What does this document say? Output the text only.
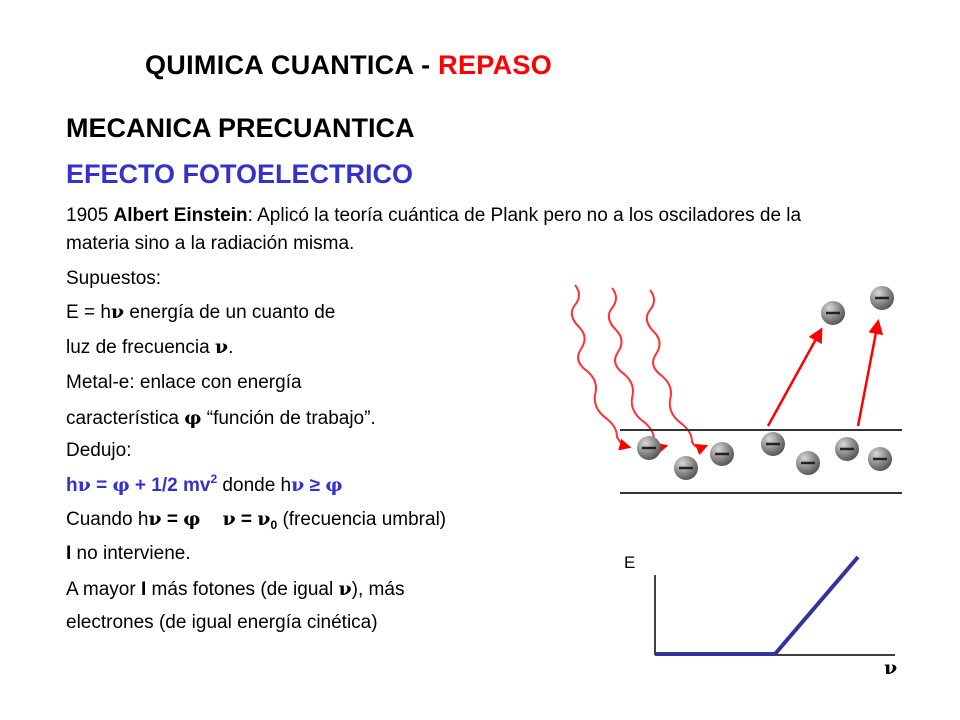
QUIMICA CUANTICA - REPASO
MECANICA PRECUANTICA
EFECTO FOTOELECTRICO
1905 Albert Einstein: Aplicó la teoría cuántica de Plank pero no a los osciladores de la materia sino a la radiación misma.
Supuestos:
E = hν energía de un cuanto de
luz de frecuencia ν.
Metal-e: enlace con energía
característica φ “función de trabajo”.
Dedujo:
hν = φ + 1/2 $mv^2$ donde hν ≥ φ
Cuando hν = φ $\nu = \nu_0$ (frecuencia umbral)
I no interviene.
A mayor I más fotones (de igual ν), más
electrones (de igual energía cinética)
E
ν
